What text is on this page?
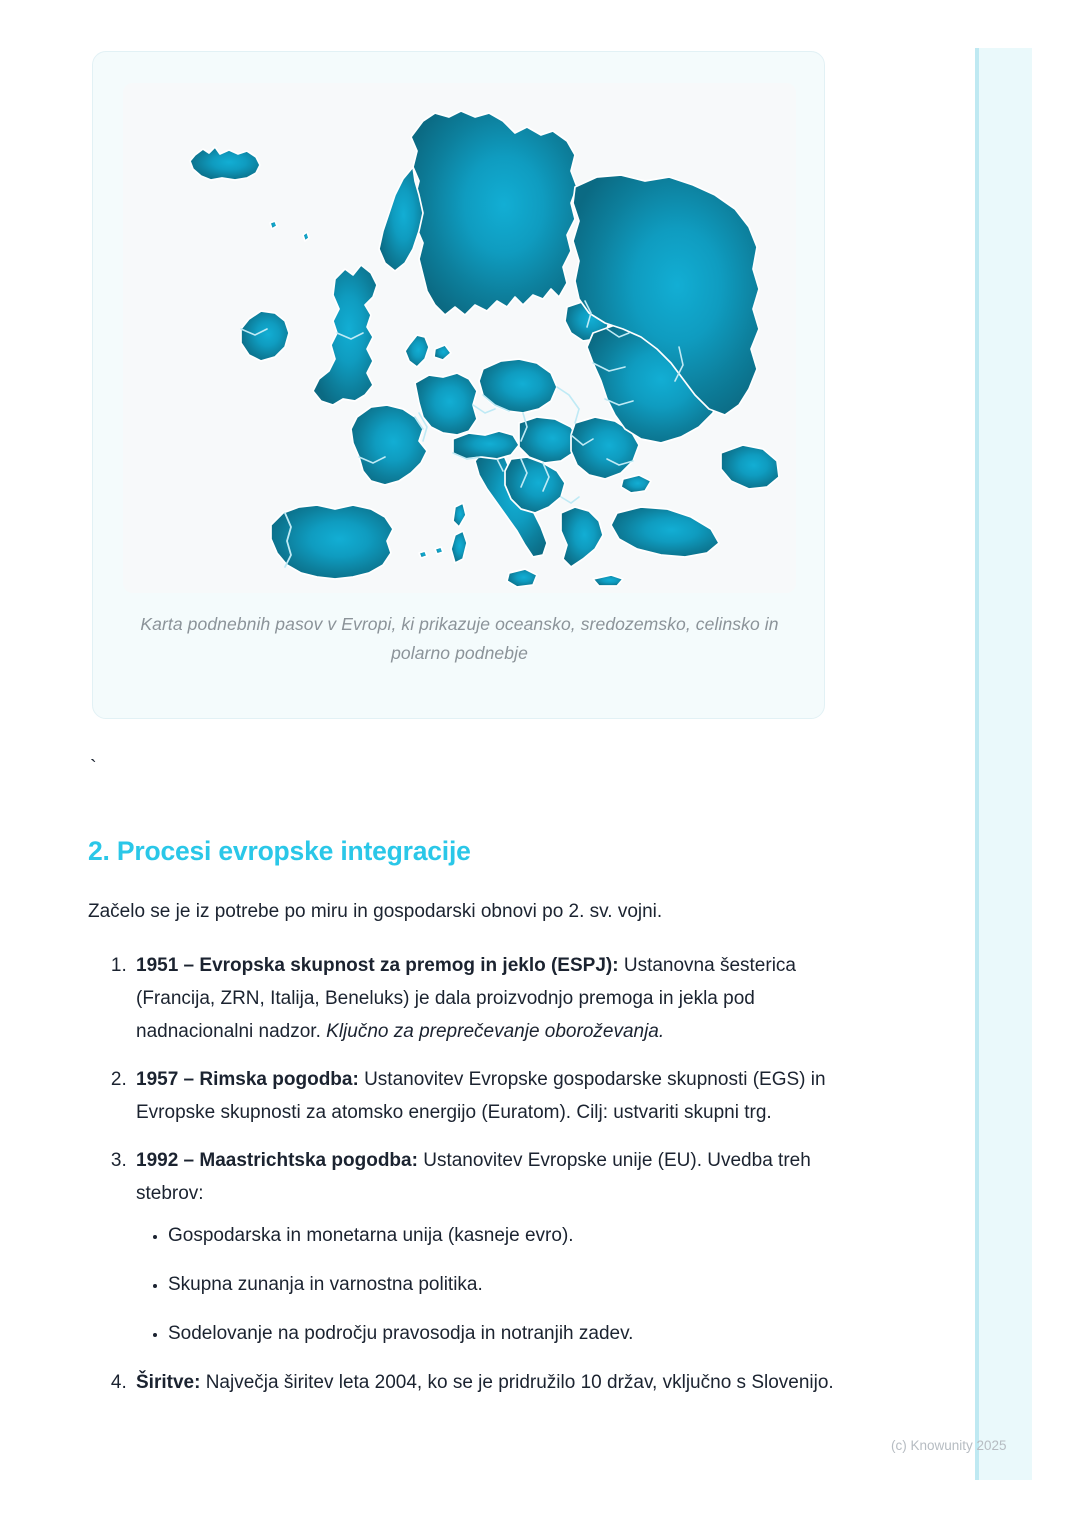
Karta podnebnih pasov v Evropi, ki prikazuje oceansko, sredozemsko, celinsko in polarno podnebje
`
2. Procesi evropske integracije

Začelo se je iz potrebe po miru in gospodarski obnovi po 2. sv. vojni.

1. 1951 – Evropska skupnost za premog in jeklo (ESPJ): Ustanovna šesterica (Francija, ZRN, Italija, Beneluks) je dala proizvodnjo premoga in jekla pod nadnacionalni nadzor. Ključno za preprečevanje oboroževanja.
2. 1957 – Rimska pogodba: Ustanovitev Evropske gospodarske skupnosti (EGS) in Evropske skupnosti za atomsko energijo (Euratom). Cilj: ustvariti skupni trg.
3. 1992 – Maastrichtska pogodba: Ustanovitev Evropske unije (EU). Uvedba treh stebrov:
• Gospodarska in monetarna unija (kasneje evro).
• Skupna zunanja in varnostna politika.
• Sodelovanje na področju pravosodja in notranjih zadev.
4. Širitve: Največja širitev leta 2004, ko se je pridružilo 10 držav, vključno s Slovenijo.
(c) Knowunity 2025
